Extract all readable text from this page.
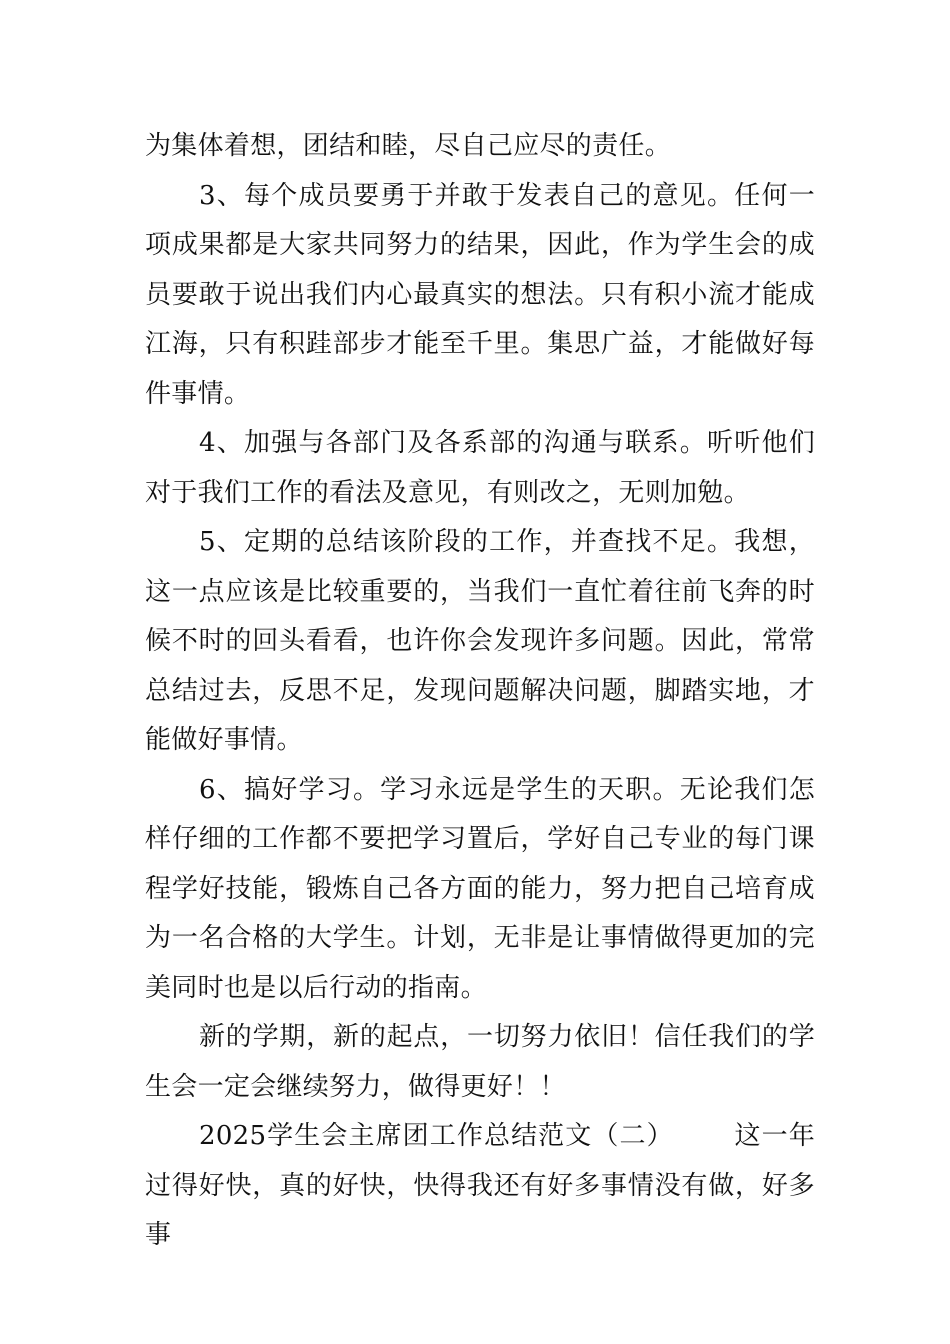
为集体着想，团结和睦，尽自己应尽的责任。

3、每个成员要勇于并敢于发表自己的意见。任何一项成果都是大家共同努力的结果，因此，作为学生会的成员要敢于说出我们内心最真实的想法。只有积小流才能成江海，只有积跬部步才能至千里。集思广益，才能做好每件事情。

4、加强与各部门及各系部的沟通与联系。听听他们对于我们工作的看法及意见，有则改之，无则加勉。

5、定期的总结该阶段的工作，并查找不足。我想，这一点应该是比较重要的，当我们一直忙着往前飞奔的时候不时的回头看看，也许你会发现许多问题。因此，常常总结过去，反思不足，发现问题解决问题，脚踏实地，才能做好事情。

6、搞好学习。学习永远是学生的天职。无论我们怎样仔细的工作都不要把学习置后，学好自己专业的每门课程学好技能，锻炼自己各方面的能力，努力把自己培育成为一名合格的大学生。计划，无非是让事情做得更加的完美同时也是以后行动的指南。

新的学期，新的起点，一切努力依旧！信任我们的学生会一定会继续努力，做得更好！！

2025学生会主席团工作总结范文（二） 这一年过得好快，真的好快，快得我还有好多事情没有做，好多事
